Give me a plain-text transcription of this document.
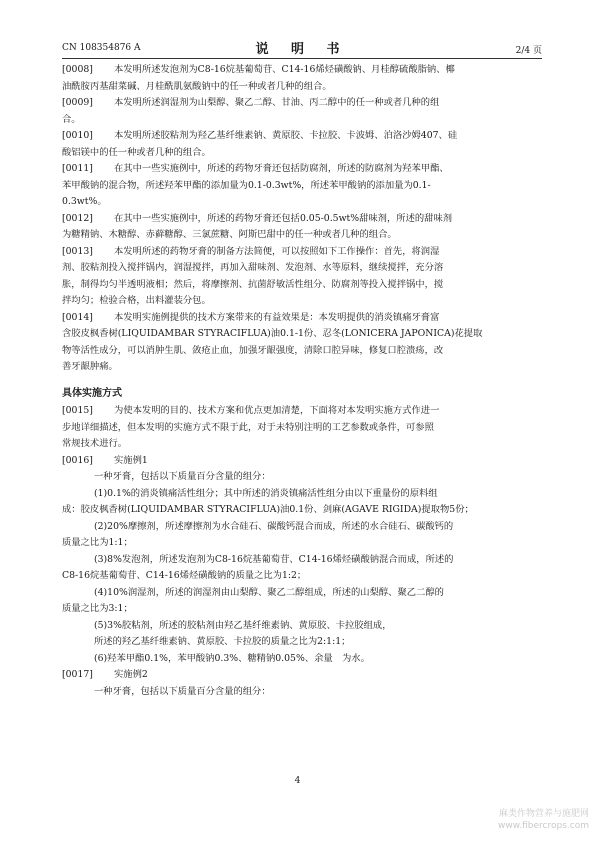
CN 108354876 A	说 明 书	2/4 页
[0008] 本发明所述发泡剂为C8-16烷基葡萄苷、C14-16烯烃磺酸钠、月桂醇硫酸脂钠、椰
油酰胺丙基甜菜碱、月桂酰肌氨酸钠中的任一种或者几种的组合。
[0009] 本发明所述润湿剂为山梨醇、聚乙二醇、甘油、丙二醇中的任一种或者几种的组
合。
[0010] 本发明所述胶粘剂为羟乙基纤维素钠、黄原胶、卡拉胶、卡波姆、泊洛沙姆407、硅
酸铝镁中的任一种或者几种的组合。
[0011] 在其中一些实施例中，所述的药物牙膏还包括防腐剂，所述的防腐剂为羟苯甲酯、
苯甲酸钠的混合物，所述羟苯甲酯的添加量为0.1-0.3wt%，所述苯甲酸钠的添加量为0.1-
0.3wt%。
[0012] 在其中一些实施例中，所述的药物牙膏还包括0.05-0.5wt%甜味剂，所述的甜味剂
为糖精钠、木糖醇、赤藓糖醇、三氯蔗糖、阿斯巴甜中的任一种或者几种的组合。
[0013] 本发明所述的药物牙膏的制备方法简便，可以按照如下工作操作：首先，将润湿
剂、胶粘剂投入搅拌锅内，润湿搅拌，再加入甜味剂、发泡剂、水等原料，继续搅拌，充分溶
胀，制得均匀半透明液相；然后，将摩擦剂、抗菌舒敏活性组分、防腐剂等投入搅拌锅中，搅
拌均匀；检验合格，出料灌装分包。
[0014] 本发明实施例提供的技术方案带来的有益效果是：本发明提供的消炎镇痛牙膏富
含胶皮枫香树(LIQUIDAMBAR STYRACIFLUA)油0.1-1份、忍冬(LONICERA JAPONICA)花提取
物等活性成分，可以消肿生肌、敛疮止血，加强牙龈强度，清除口腔异味，修复口腔溃疡，改
善牙龈肿痛。
具体实施方式
[0015] 为使本发明的目的、技术方案和优点更加清楚，下面将对本发明实施方式作进一
步地详细描述，但本发明的实施方式不限于此，对于未特别注明的工艺参数或条件，可参照
常规技术进行。
[0016] 实施例1
一种牙膏，包括以下质量百分含量的组分：
(1)0.1%的消炎镇痛活性组分；其中所述的消炎镇痛活性组分由以下重量份的原料组
成：胶皮枫香树(LIQUIDAMBAR STYRACIFLUA)油0.1份、剑麻(AGAVE RIGIDA)提取物5份；
(2)20%摩擦剂，所述摩擦剂为水合硅石、碳酸钙混合而成，所述的水合硅石、碳酸钙的
质量之比为1:1；
(3)8%发泡剂，所述发泡剂为C8-16烷基葡萄苷、C14-16烯烃磺酸钠混合而成，所述的
C8-16烷基葡萄苷、C14-16烯烃磺酸钠的质量之比为1:2；
(4)10%润湿剂，所述的润湿剂由山梨醇、聚乙二醇组成，所述的山梨醇、聚乙二醇的
质量之比为3:1；
(5)3%胶粘剂，所述的胶粘剂由羟乙基纤维素钠、黄原胶、卡拉胶组成，
所述的羟乙基纤维素钠、黄原胶、卡拉胶的质量之比为2:1:1；
(6)羟苯甲酯0.1%，苯甲酸钠0.3%、糖精钠0.05%、余量　为水。
[0017] 实施例2
一种牙膏，包括以下质量百分含量的组分：
4
麻类作物营养与施肥网
www.fibercrops.com
